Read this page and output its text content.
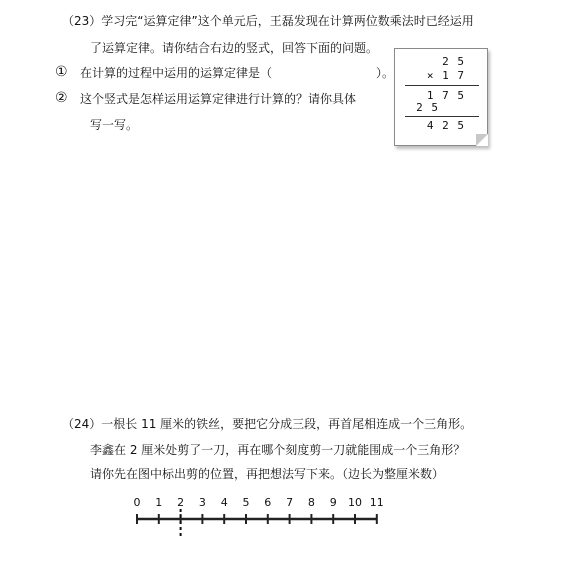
（23）学习完“运算定律”这个单元后，王磊发现在计算两位数乘法时已经运用
了运算定律。请你结合右边的竖式，回答下面的问题。
① 在计算的过程中运用的运算定律是（	）。
② 这个竖式是怎样运用运算定律进行计算的？请你具体
写一写。
2 5
× 1 7
1 7 5
2 5
4 2 5
（24）一根长 11 厘米的铁丝，要把它分成三段，再首尾相连成一个三角形。
李鑫在 2 厘米处剪了一刀，再在哪个刻度剪一刀就能围成一个三角形？
请你先在图中标出剪的位置，再把想法写下来。（边长为整厘米数）
0 1 2 3 4 5 6 7 8 9 10 11
